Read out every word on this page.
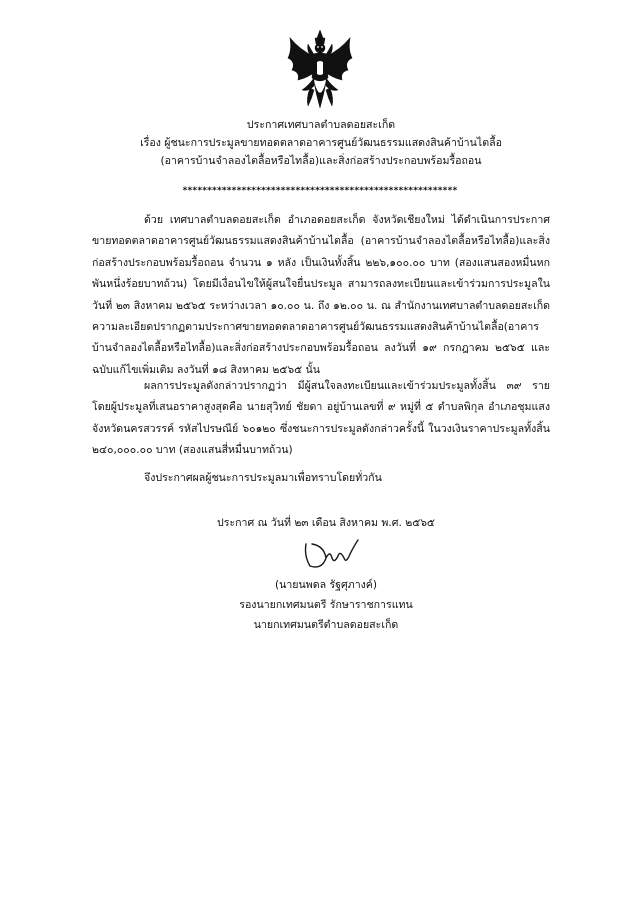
ประกาศเทศบาลตำบลดอยสะเก็ด
เรื่อง ผู้ชนะการประมูลขายทอดตลาดอาคารศูนย์วัฒนธรรมแสดงสินค้าบ้านไตลื้อ
(อาคารบ้านจำลองไตลื้อหรือไทลื้อ)และสิ่งก่อสร้างประกอบพร้อมรื้อถอน
********************************************************
ด้วย เทศบาลตำบลดอยสะเก็ด อำเภอดอยสะเก็ด จังหวัดเชียงใหม่ ได้ดำเนินการประกาศขายทอดตลาดอาคารศูนย์วัฒนธรรมแสดงสินค้าบ้านไตลื้อ (อาคารบ้านจำลองไตลื้อหรือไทลื้อ)และสิ่งก่อสร้างประกอบพร้อมรื้อถอน จำนวน ๑ หลัง เป็นเงินทั้งสิ้น ๒๒๖,๑๐๐.๐๐ บาท (สองแสนสองหมื่นหกพันหนึ่งร้อยบาทถ้วน) โดยมีเงื่อนไขให้ผู้สนใจยื่นประมูล สามารถลงทะเบียนและเข้าร่วมการประมูลในวันที่ ๒๓ สิงหาคม ๒๕๖๕ ระหว่างเวลา ๑๐.๐๐ น. ถึง ๑๒.๐๐ น. ณ สำนักงานเทศบาลตำบลดอยสะเก็ด ความละเอียดปรากฏตามประกาศขายทอดตลาดอาคารศูนย์วัฒนธรรมแสดงสินค้าบ้านไตลื้อ(อาคารบ้านจำลองไตลื้อหรือไทลื้อ)และสิ่งก่อสร้างประกอบพร้อมรื้อถอน ลงวันที่ ๑๙ กรกฎาคม ๒๕๖๕ และฉบับแก้ไขเพิ่มเติม ลงวันที่ ๑๘ สิงหาคม ๒๕๖๕ นั้น
ผลการประมูลดังกล่าวปรากฏว่า มีผู้สนใจลงทะเบียนและเข้าร่วมประมูลทั้งสิ้น ๓๙ ราย โดยผู้ประมูลที่เสนอราคาสูงสุดคือ นายสุวิทย์ ชัยดา อยู่บ้านเลขที่ ๙ หมู่ที่ ๕ ตำบลพิกุล อำเภอชุมแสง จังหวัดนครสวรรค์ รหัสไปรษณีย์ ๖๐๑๒๐ ซึ่งชนะการประมูลดังกล่าวครั้งนี้ ในวงเงินราคาประมูลทั้งสิ้น ๒๔๐,๐๐๐.๐๐ บาท (สองแสนสี่หมื่นบาทถ้วน)
จึงประกาศผลผู้ชนะการประมูลมาเพื่อทราบโดยทั่วกัน
ประกาศ ณ วันที่ ๒๓ เดือน สิงหาคม พ.ศ. ๒๕๖๕
(นายนพดล รัฐศุภางค์)
รองนายกเทศมนตรี รักษาราชการแทน
นายกเทศมนตรีตำบลดอยสะเก็ด
